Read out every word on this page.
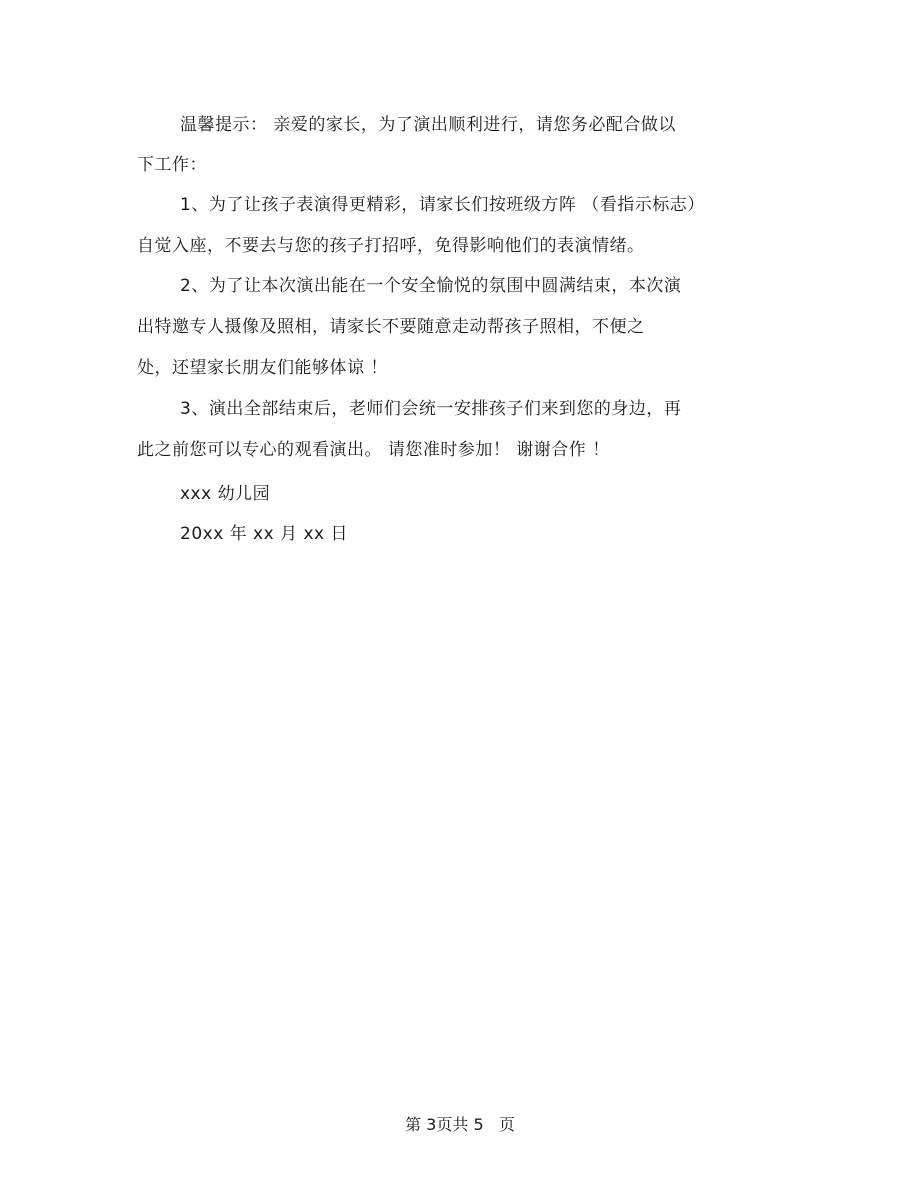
温馨提示： 亲爱的家长，为了演出顺利进行，请您务必配合做以
下工作：
1、为了让孩子表演得更精彩，请家长们按班级方阵 （看指示标志）
自觉入座，不要去与您的孩子打招呼，免得影响他们的表演情绪。
2、为了让本次演出能在一个安全愉悦的氛围中圆满结束，本次演
出特邀专人摄像及照相，请家长不要随意走动帮孩子照相，不便之
处，还望家长朋友们能够体谅 ！
3、演出全部结束后，老师们会统一安排孩子们来到您的身边，再
此之前您可以专心的观看演出。 请您准时参加！ 谢谢合作 ！
xxx 幼儿园
20xx 年 xx 月 xx 日
第 3页共 5   页
